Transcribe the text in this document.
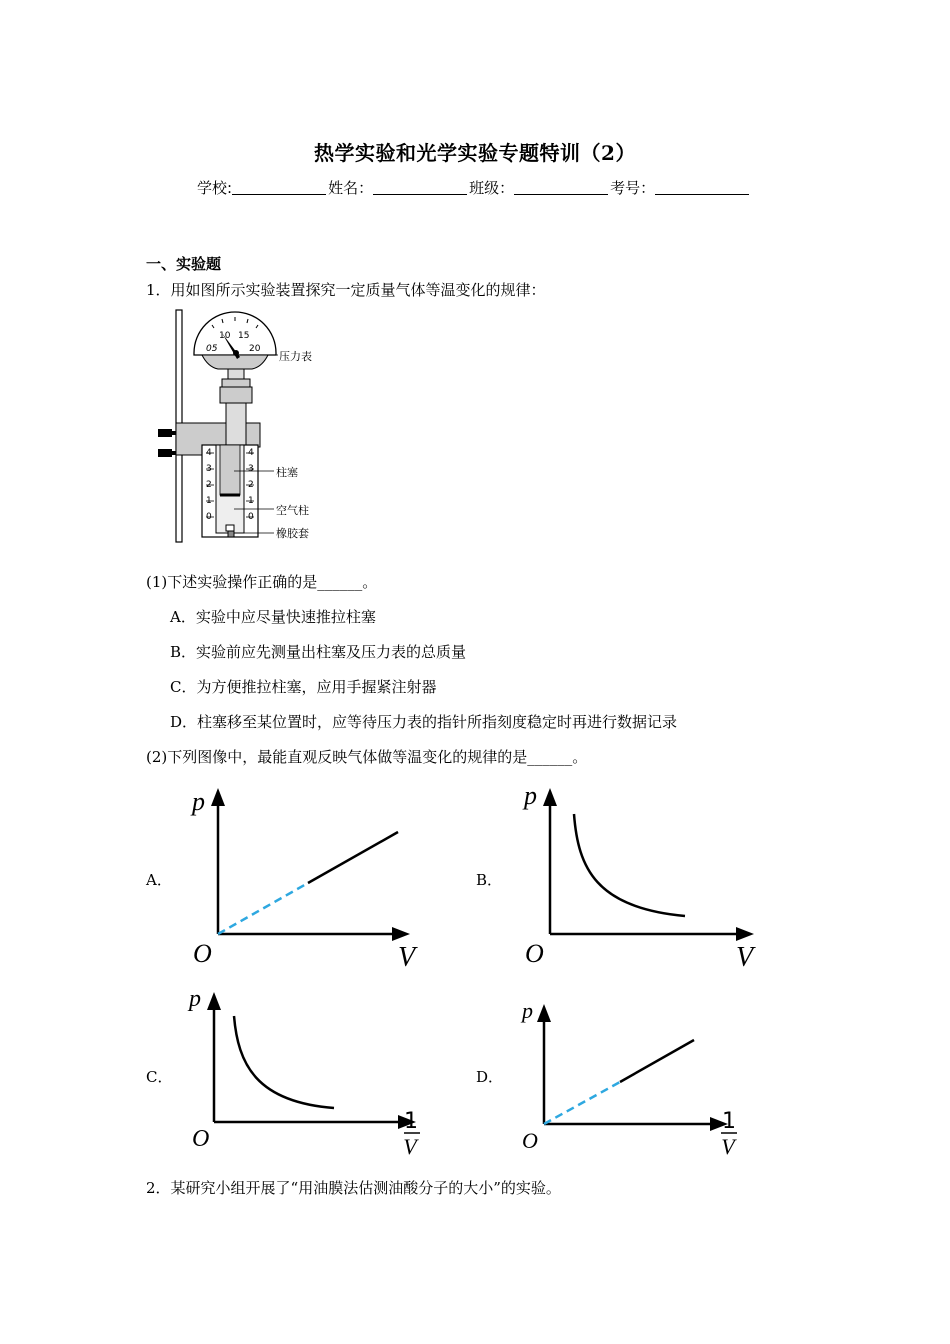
热学实验和光学实验专题特训（2）
学校:	姓名：	班级：	考号：
一、实验题
1．用如图所示实验装置探究一定质量气体等温变化的规律：
05
10 15
20
压力表
4
3
2
1
0
4
3
2
1
0
柱塞
空气柱
橡胶套
(1)下述实验操作正确的是______。
A．实验中应尽量快速推拉柱塞
B．实验前应先测量出柱塞及压力表的总质量
C．为方便推拉柱塞，应用手握紧注射器
D．柱塞移至某位置时，应等待压力表的指针所指刻度稳定时再进行数据记录
(2)下列图像中，最能直观反映气体做等温变化的规律的是______。
A．
p
O	V
B．
p
O	V
C．
p
O
1
V
D．
p
O
1
V
2．某研究小组开展了“用油膜法估测油酸分子的大小”的实验。
